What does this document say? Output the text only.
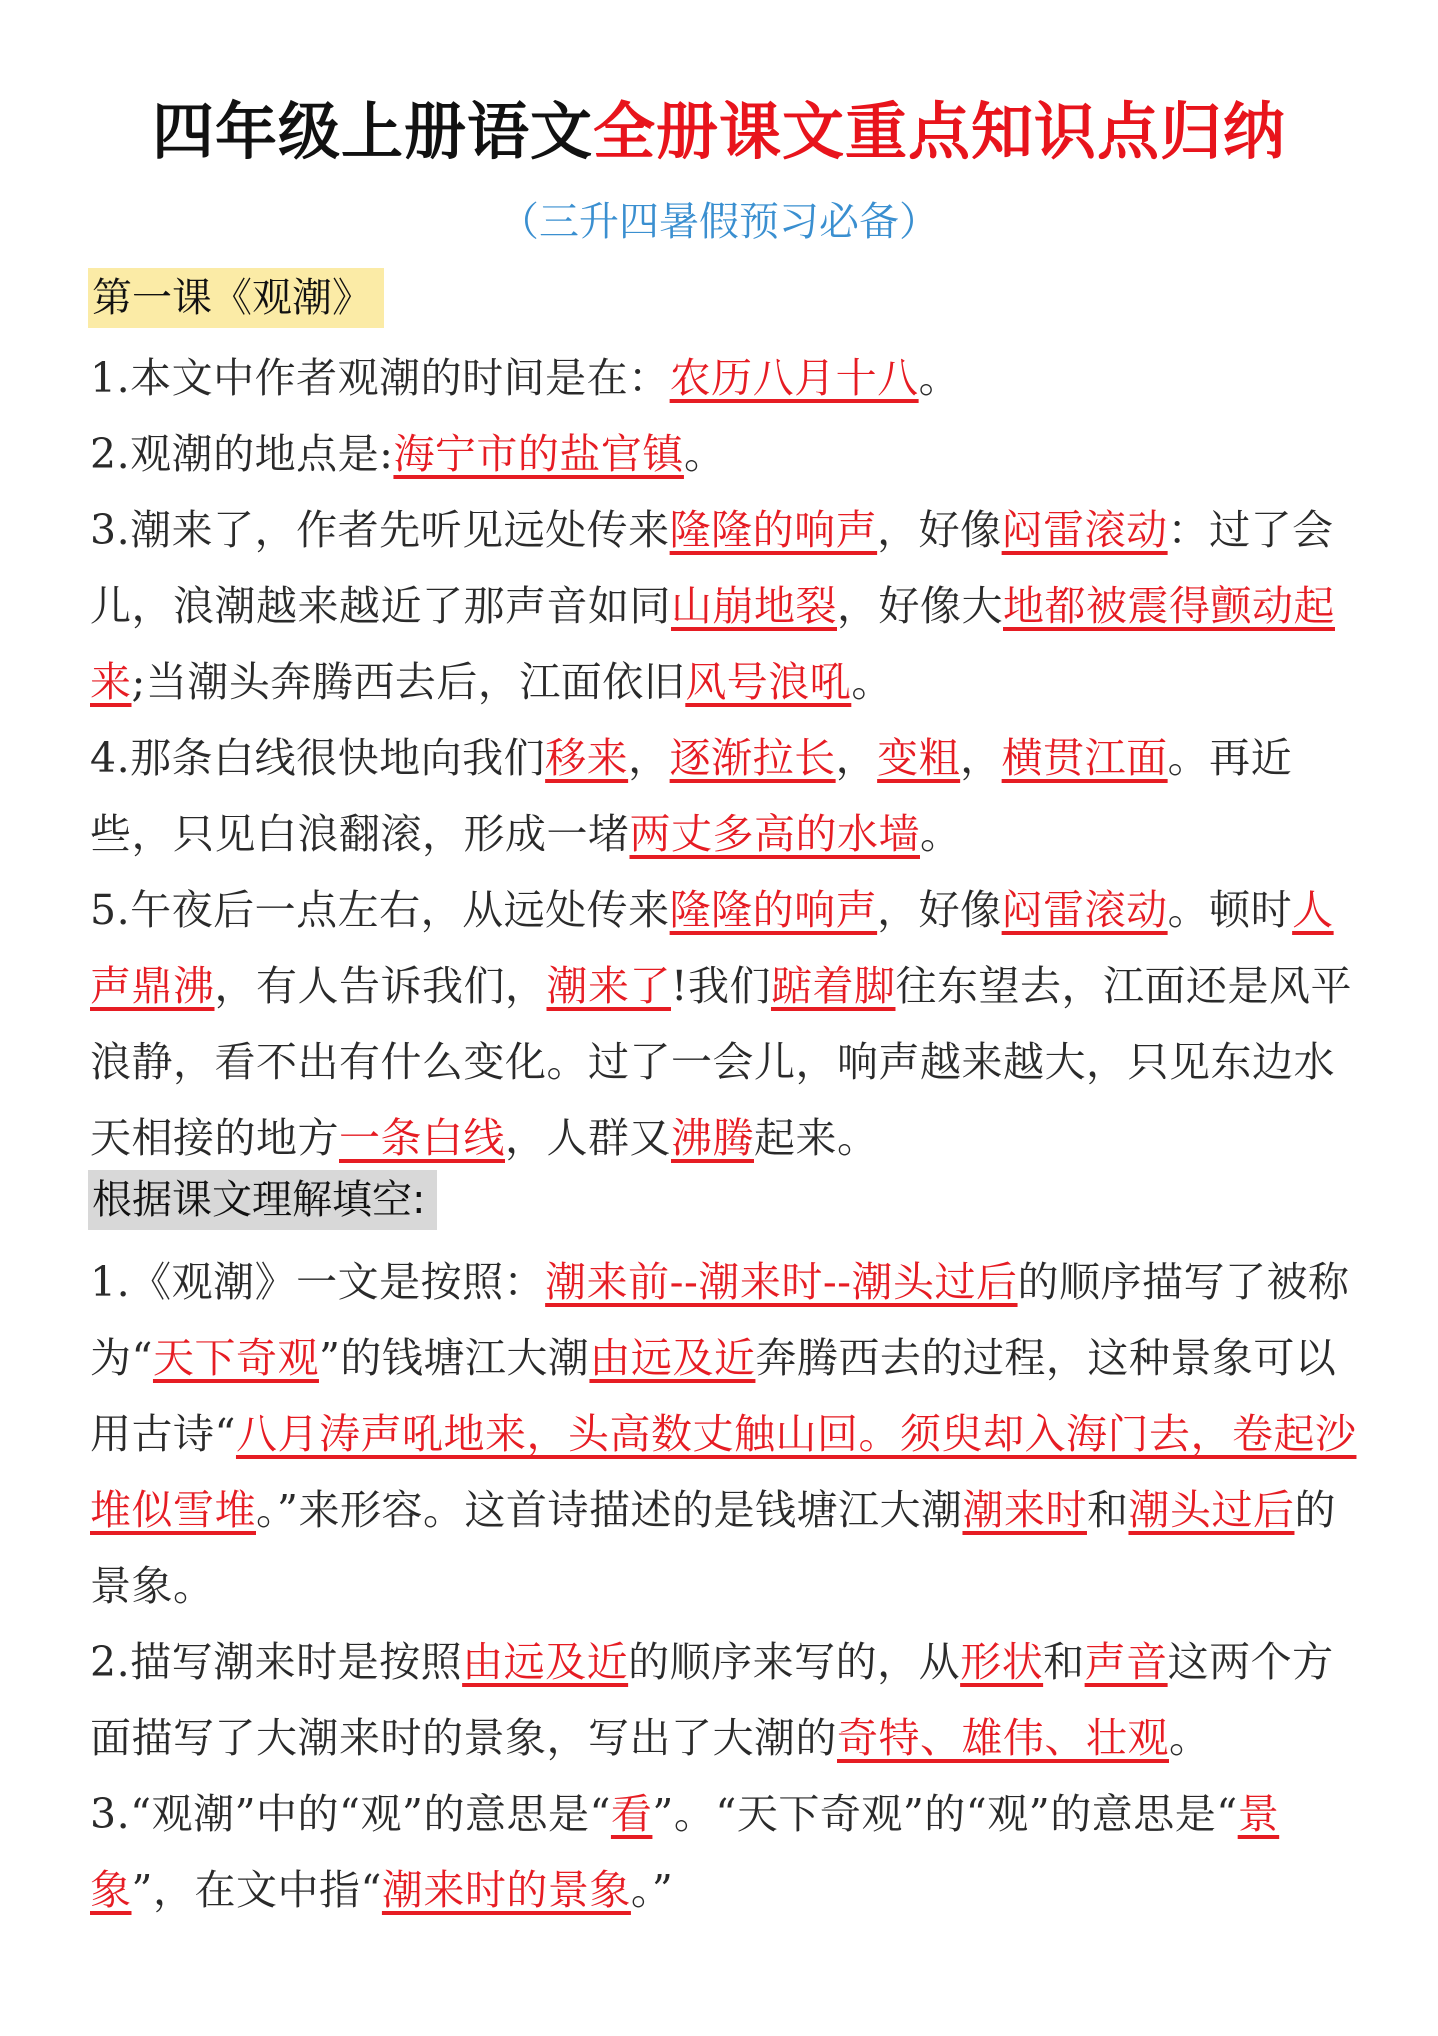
四年级上册语文全册课文重点知识点归纳
（三升四暑假预习必备）
第一课《观潮》
1.本文中作者观潮的时间是在：农历八月十八。
2.观潮的地点是:海宁市的盐官镇。
3.潮来了，作者先听见远处传来隆隆的响声，好像闷雷滚动：过了会儿，浪潮越来越近了那声音如同山崩地裂，好像大地都被震得颤动起来;当潮头奔腾西去后，江面依旧风号浪吼。
4.那条白线很快地向我们移来，逐渐拉长，变粗，横贯江面。再近些，只见白浪翻滚，形成一堵两丈多高的水墙。
5.午夜后一点左右，从远处传来隆隆的响声，好像闷雷滚动。顿时人声鼎沸，有人告诉我们，潮来了!我们踮着脚往东望去，江面还是风平浪静，看不出有什么变化。过了一会儿，响声越来越大，只见东边水天相接的地方一条白线，人群又沸腾起来。
根据课文理解填空:
1.《观潮》一文是按照：潮来前--潮来时--潮头过后的顺序描写了被称为“天下奇观”的钱塘江大潮由远及近奔腾西去的过程，这种景象可以用古诗“八月涛声吼地来，头高数丈触山回。须臾却入海门去，卷起沙堆似雪堆。”来形容。这首诗描述的是钱塘江大潮潮来时和潮头过后的景象。
2.描写潮来时是按照由远及近的顺序来写的，从形状和声音这两个方面描写了大潮来时的景象，写出了大潮的奇特、雄伟、壮观。
3.“观潮”中的“观”的意思是“看”。“天下奇观”的“观”的意思是“景象”，在文中指“潮来时的景象。”
